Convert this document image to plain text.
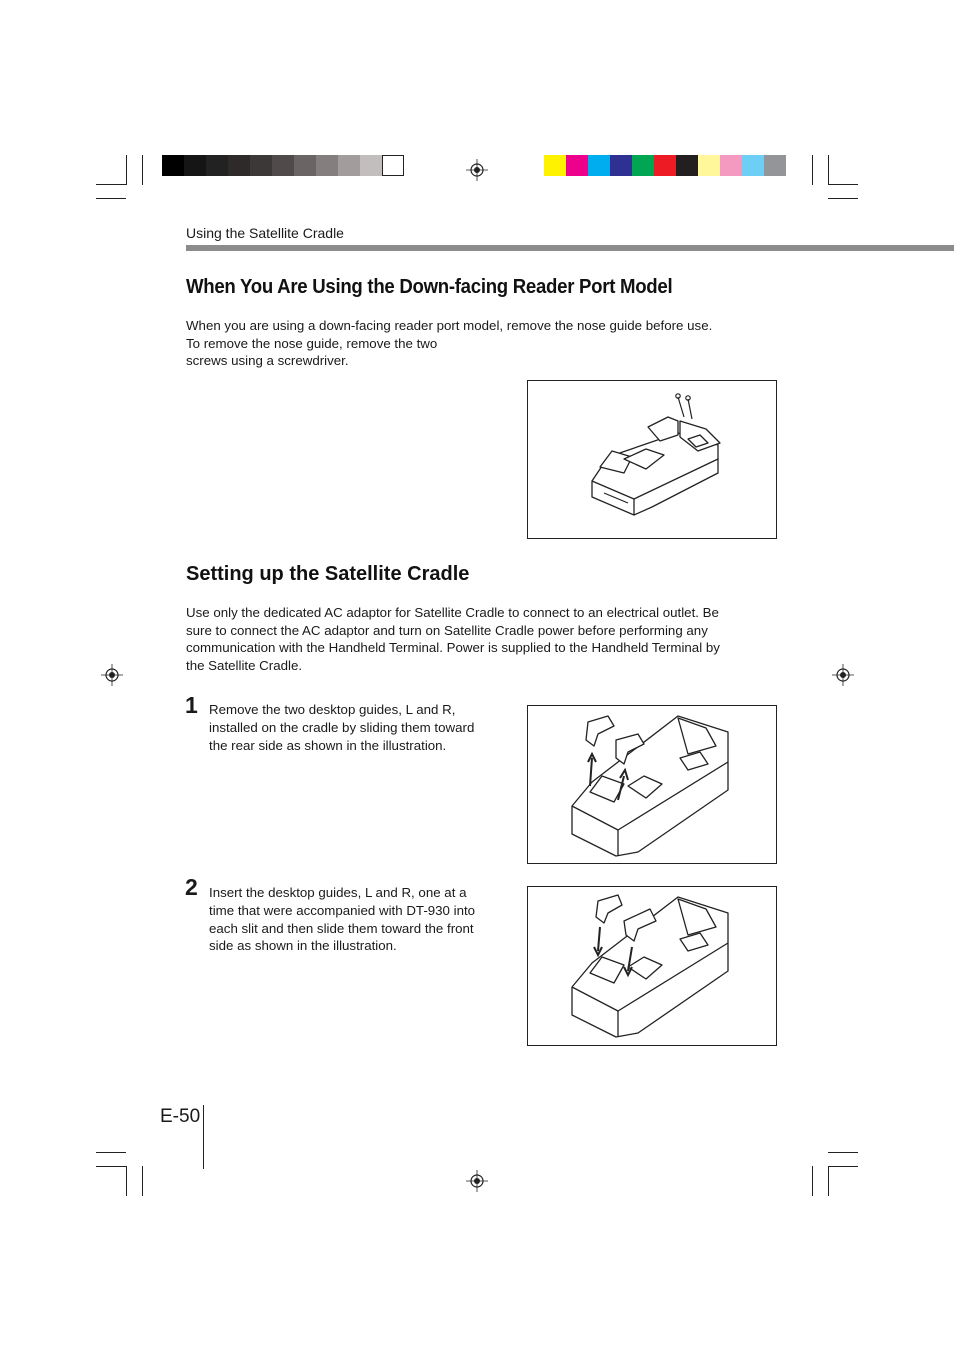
Using the Satellite Cradle
When You Are Using the Down-facing Reader Port Model

When you are using a down-facing reader port model, remove the nose guide before use.
To remove the nose guide, remove the two
screws using a screwdriver.

Setting up the Satellite Cradle

Use only the dedicated AC adaptor for Satellite Cradle to connect to an electrical outlet. Be
sure to connect the AC adaptor and turn on Satellite Cradle power before performing any
communication with the Handheld Terminal. Power is supplied to the Handheld Terminal by
the Satellite Cradle.

1 Remove the two desktop guides, L and R,
installed on the cradle by sliding them toward
the rear side as shown in the illustration.

2 Insert the desktop guides, L and R, one at a
time that were accompanied with DT-930 into
each slit and then slide them toward the front
side as shown in the illustration.

E-50
